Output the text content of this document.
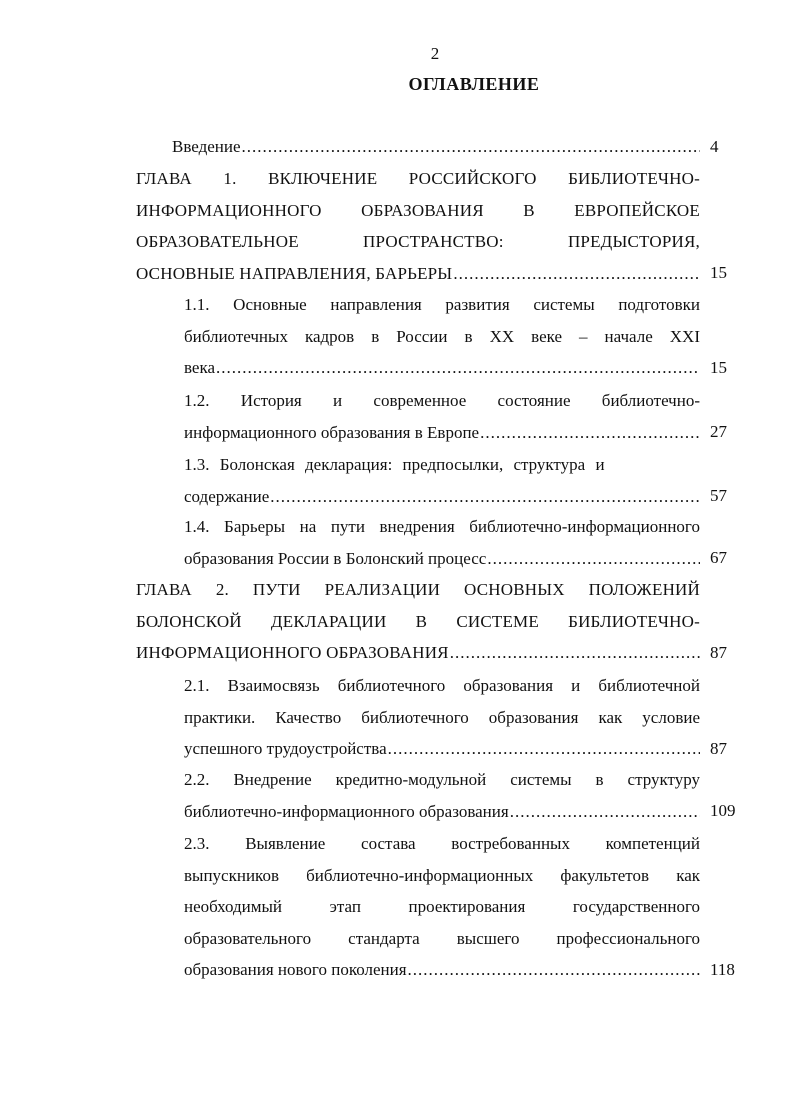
2
ОГЛАВЛЕНИЕ
Введение .....	4
ГЛАВА 1. ВКЛЮЧЕНИЕ РОССИЙСКОГО БИБЛИОТЕЧНО-
ИНФОРМАЦИОННОГО ОБРАЗОВАНИЯ В ЕВРОПЕЙСКОЕ
ОБРАЗОВАТЕЛЬНОЕ ПРОСТРАНСТВО: ПРЕДЫСТОРИЯ,
ОСНОВНЫЕ НАПРАВЛЕНИЯ, БАРЬЕРЫ .....	15
1.1. Основные направления развития системы подготовки
библиотечных кадров в России в XX веке – начале XXI
века .....	15
1.2. История и современное состояние библиотечно-
информационного образования в Европе .....	27
1.3. Болонская декларация: предпосылки, структура и
содержание .....	57
1.4. Барьеры на пути внедрения библиотечно-информационного
образования России в Болонский процесс .....	67
ГЛАВА 2. ПУТИ РЕАЛИЗАЦИИ ОСНОВНЫХ ПОЛОЖЕНИЙ
БОЛОНСКОЙ ДЕКЛАРАЦИИ В СИСТЕМЕ БИБЛИОТЕЧНО-
ИНФОРМАЦИОННОГО ОБРАЗОВАНИЯ .....	87
2.1. Взаимосвязь библиотечного образования и библиотечной
практики. Качество библиотечного образования как условие
успешного трудоустройства .....	87
2.2. Внедрение кредитно-модульной системы в структуру
библиотечно-информационного образования .....	109
2.3. Выявление состава востребованных компетенций
выпускников библиотечно-информационных факультетов как
необходимый этап проектирования государственного
образовательного стандарта высшего профессионального
образования нового поколения .....	118
